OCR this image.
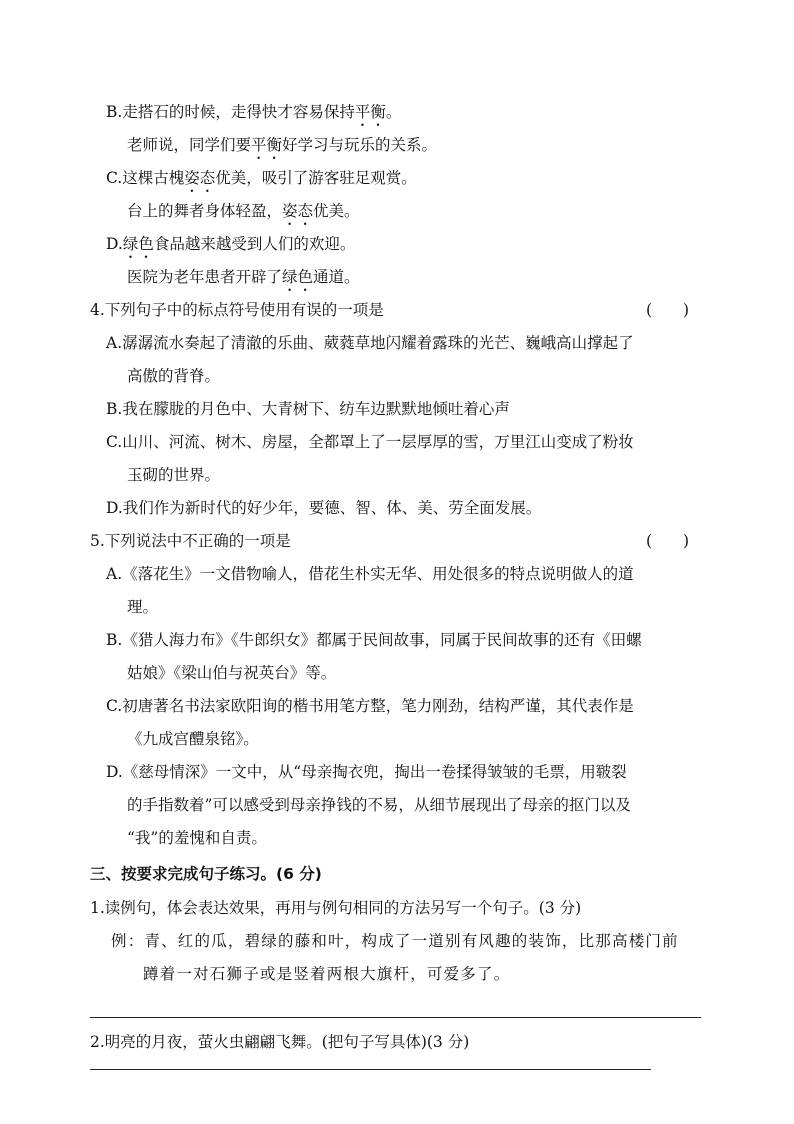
B.走搭石的时候，走得快才容易保持平衡。
老师说，同学们要平衡好学习与玩乐的关系。
C.这棵古槐姿态优美，吸引了游客驻足观赏。
台上的舞者身体轻盈，姿态优美。
D.绿色食品越来越受到人们的欢迎。
医院为老年患者开辟了绿色通道。
4.下列句子中的标点符号使用有误的一项是	(　　)
A.潺潺流水奏起了清澈的乐曲、葳蕤草地闪耀着露珠的光芒、巍峨高山撑起了
高傲的背脊。
B.我在朦胧的月色中、大青树下、纺车边默默地倾吐着心声
C.山川、河流、树木、房屋，全都罩上了一层厚厚的雪，万里江山变成了粉妆
玉砌的世界。
D.我们作为新时代的好少年，要德、智、体、美、劳全面发展。
5.下列说法中不正确的一项是	(　　)
A.《落花生》一文借物喻人，借花生朴实无华、用处很多的特点说明做人的道
理。
B.《猎人海力布》《牛郎织女》都属于民间故事，同属于民间故事的还有《田螺
姑娘》《梁山伯与祝英台》等。
C.初唐著名书法家欧阳询的楷书用笔方整，笔力刚劲，结构严谨，其代表作是
《九成宫醴泉铭》。
D.《慈母情深》一文中，从“母亲掏衣兜，掏出一卷揉得皱皱的毛票，用皲裂
的手指数着”可以感受到母亲挣钱的不易，从细节展现出了母亲的抠门以及
“我”的羞愧和自责。
三、按要求完成句子练习。(6 分)
1.读例句，体会表达效果，再用与例句相同的方法另写一个句子。(3 分)
例：青、红的瓜，碧绿的藤和叶，构成了一道别有风趣的装饰，比那高楼门前
蹲着一对石狮子或是竖着两根大旗杆，可爱多了。
2.明亮的月夜，萤火虫翩翩飞舞。(把句子写具体)(3 分)
